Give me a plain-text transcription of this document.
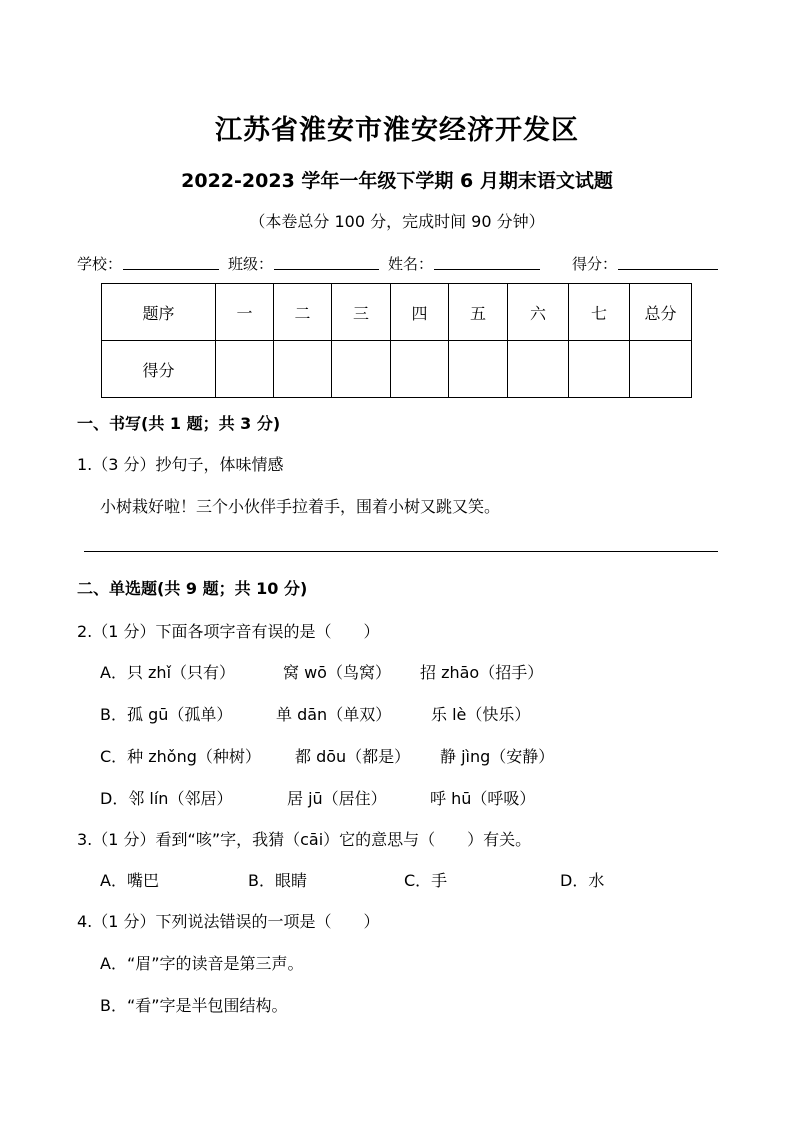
江苏省淮安市淮安经济开发区
2022-2023 学年一年级下学期 6 月期末语文试题
（本卷总分 100 分，完成时间 90 分钟）
学校：	班级：	姓名：	得分：
题序	一	二	三	四	五	六	七	总分
得分								
一、书写(共 1 题；共 3 分)
1.（3 分）抄句子，体味情感
小树栽好啦！三个小伙伴手拉着手，围着小树又跳又笑。
二、单选题(共 9 题；共 10 分)
2.（1 分）下面各项字音有误的是（　　）
A．只 zhǐ（只有）	窝 wō（鸟窝） 招 zhāo（招手）
B．孤 gū（孤单）	单 dān（单双） 乐 lè（快乐）
C．种 zhǒng（种树） 都 dōu（都是） 静 jìng（安静）
D．邻 lín（邻居）	居 jū（居住）	呼 hū（呼吸）
3.（1 分）看到“咳”字，我猜（cāi）它的意思与（　　）有关。
A．嘴巴	B．眼睛	C．手	D．水
4.（1 分）下列说法错误的一项是（　　）
A．“眉”字的读音是第三声。
B．“看”字是半包围结构。
